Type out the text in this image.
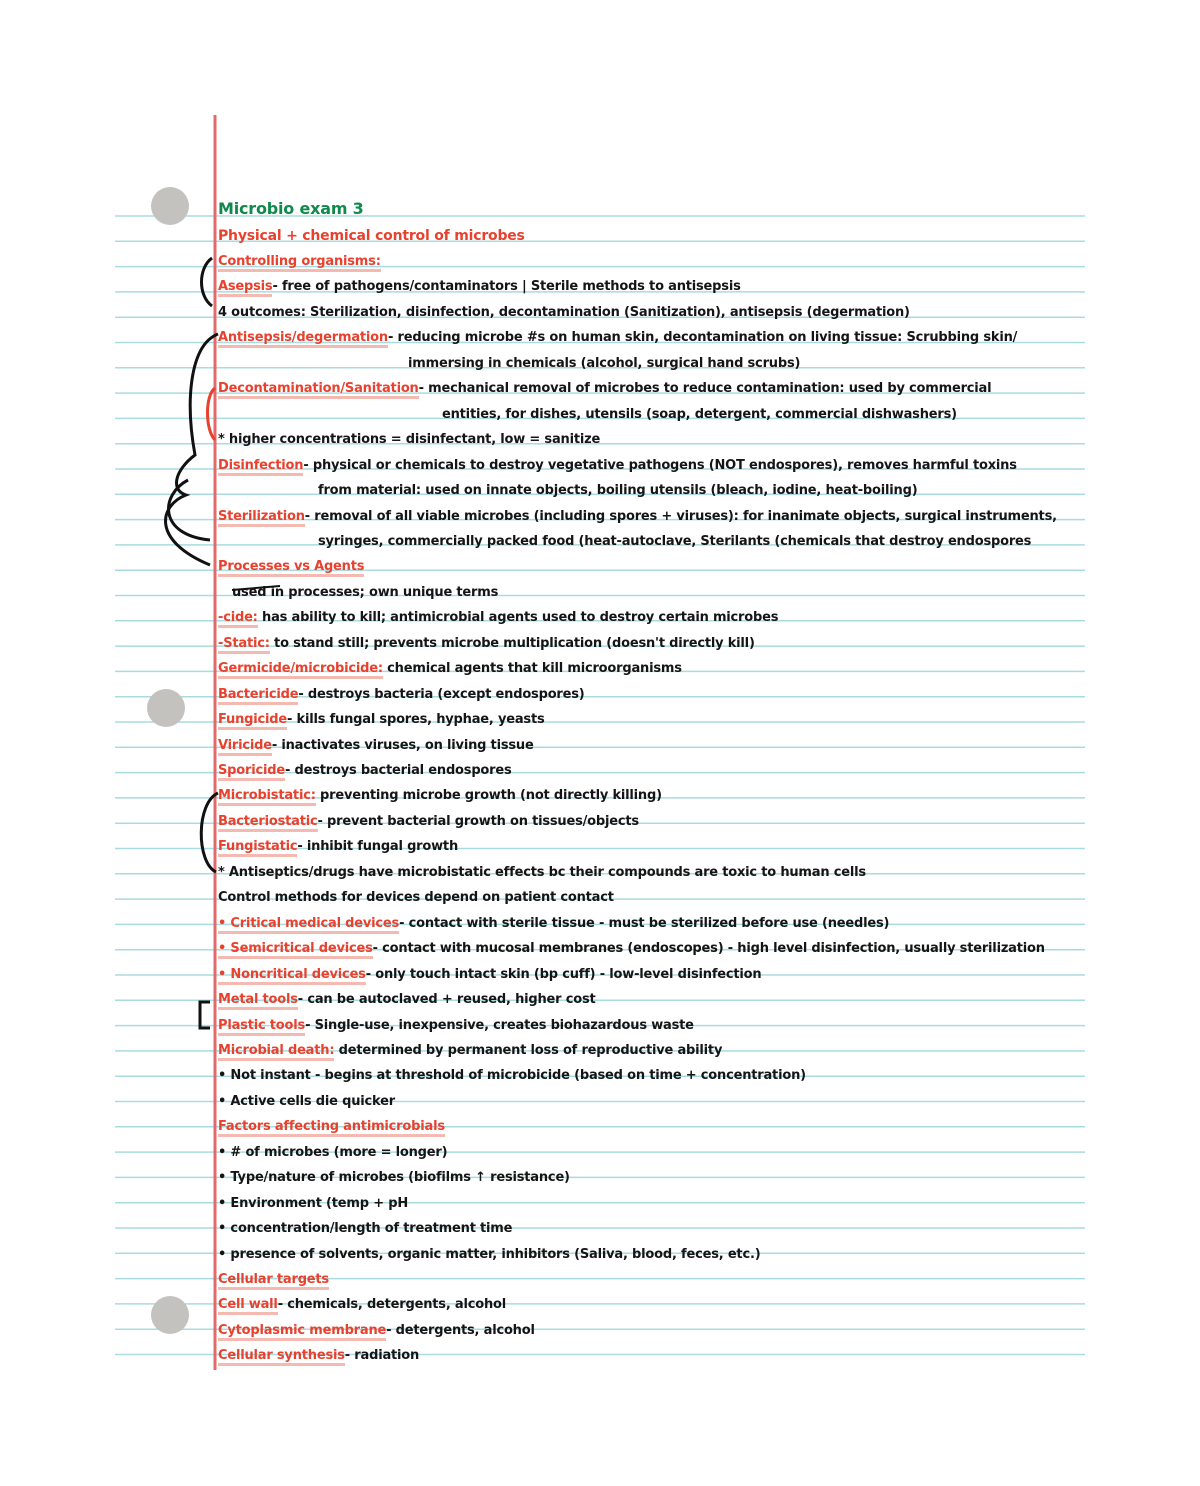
Microbio exam 3
Physical + chemical control of microbes
Controlling organisms:
Asepsis- free of pathogens/contaminators | Sterile methods to antisepsis
4 outcomes: Sterilization, disinfection, decontamination (Sanitization), antisepsis (degermation)
Antisepsis/degermation- reducing microbe #s on human skin, decontamination on living tissue: Scrubbing skin/
immersing in chemicals (alcohol, surgical hand scrubs)
Decontamination/Sanitation- mechanical removal of microbes to reduce contamination: used by commercial
entities, for dishes, utensils (soap, detergent, commercial dishwashers)
* higher concentrations = disinfectant, low = sanitize
Disinfection- physical or chemicals to destroy vegetative pathogens (NOT endospores), removes harmful toxins
from material: used on innate objects, boiling utensils (bleach, iodine, heat-boiling)
Sterilization- removal of all viable microbes (including spores + viruses): for inanimate objects, surgical instruments,
syringes, commercially packed food (heat-autoclave, Sterilants (chemicals that destroy endospores
Processes vs Agents
used in processes; own unique terms
-cide: has ability to kill; antimicrobial agents used to destroy certain microbes
-Static: to stand still; prevents microbe multiplication (doesn't directly kill)
Germicide/microbicide: chemical agents that kill microorganisms
Bactericide- destroys bacteria (except endospores)
Fungicide- kills fungal spores, hyphae, yeasts
Viricide- inactivates viruses, on living tissue
Sporicide- destroys bacterial endospores
Microbistatic: preventing microbe growth (not directly killing)
Bacteriostatic- prevent bacterial growth on tissues/objects
Fungistatic- inhibit fungal growth
* Antiseptics/drugs have microbistatic effects bc their compounds are toxic to human cells
Control methods for devices depend on patient contact
• Critical medical devices- contact with sterile tissue - must be sterilized before use (needles)
• Semicritical devices- contact with mucosal membranes (endoscopes) - high level disinfection, usually sterilization
• Noncritical devices- only touch intact skin (bp cuff) - low-level disinfection
Metal tools- can be autoclaved + reused, higher cost
Plastic tools- Single-use, inexpensive, creates biohazardous waste
Microbial death: determined by permanent loss of reproductive ability
• Not instant - begins at threshold of microbicide (based on time + concentration)
• Active cells die quicker
Factors affecting antimicrobials
• # of microbes (more = longer)
• Type/nature of microbes (biofilms ↑ resistance)
• Environment (temp + pH
• concentration/length of treatment time
• presence of solvents, organic matter, inhibitors (Saliva, blood, feces, etc.)
Cellular targets
Cell wall- chemicals, detergents, alcohol
Cytoplasmic membrane- detergents, alcohol
Cellular synthesis- radiation
